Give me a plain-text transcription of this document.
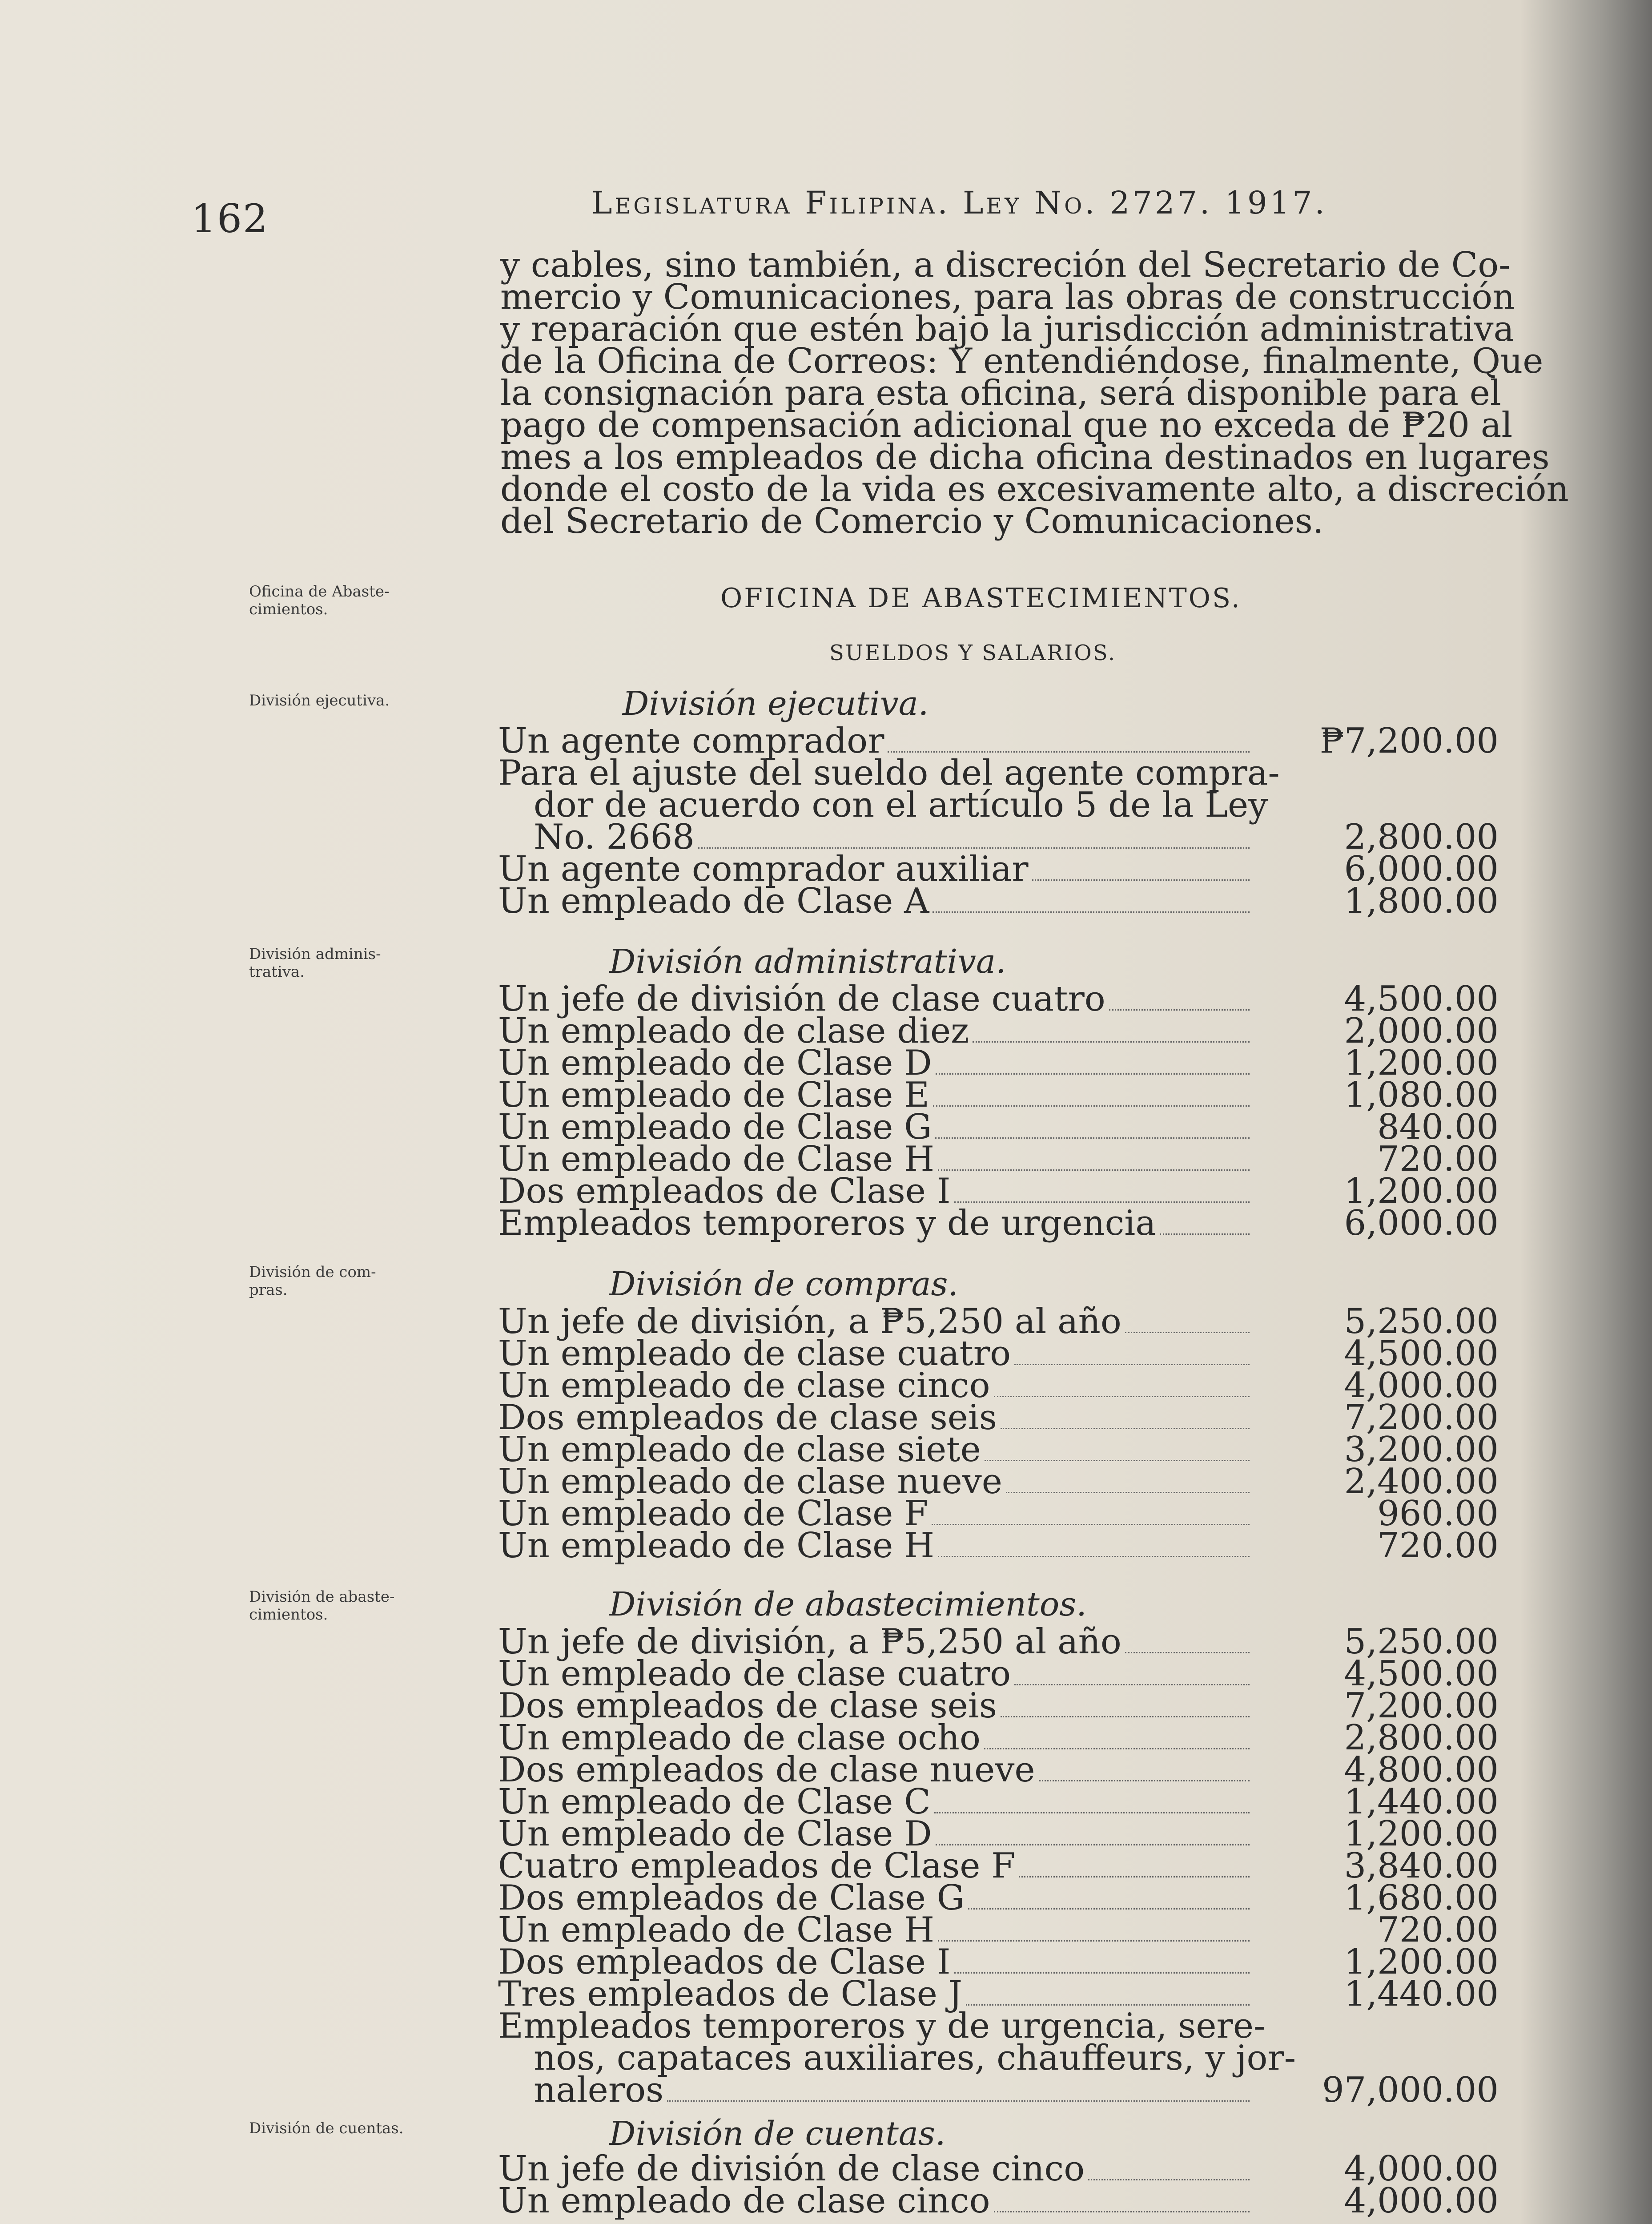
162	Legislatura Filipina. Ley No. 2727. 1917.
y cables, sino también, a discreción del Secretario de Co-
mercio y Comunicaciones, para las obras de construcción
y reparación que estén bajo la jurisdicción administrativa
de la Oficina de Correos: Y entendiéndose, finalmente, Que
la consignación para esta oficina, será disponible para el
pago de compensación adicional que no exceda de ₱20 al
mes a los empleados de dicha oficina destinados en lugares
donde el costo de la vida es excesivamente alto, a discreción
del Secretario de Comercio y Comunicaciones.
Oficina de Abaste-
cimientos.
División ejecutiva.
División adminis-
trativa.
División de com-
pras.
División de abaste-
cimientos.
División de cuentas.
OFICINA DE ABASTECIMIENTOS.
SUELDOS Y SALARIOS.
División ejecutiva.
Un agente comprador	₱7,200.00
Para el ajuste del sueldo del agente compra-
dor de acuerdo con el artículo 5 de la Ley
No. 2668	2,800.00
Un agente comprador auxiliar	6,000.00
Un empleado de Clase A	1,800.00
División administrativa.
Un jefe de división de clase cuatro	4,500.00
Un empleado de clase diez	2,000.00
Un empleado de Clase D	1,200.00
Un empleado de Clase E	1,080.00
Un empleado de Clase G	840.00
Un empleado de Clase H	720.00
Dos empleados de Clase I	1,200.00
Empleados temporeros y de urgencia	6,000.00
División de compras.
Un jefe de división, a ₱5,250 al año	5,250.00
Un empleado de clase cuatro	4,500.00
Un empleado de clase cinco	4,000.00
Dos empleados de clase seis	7,200.00
Un empleado de clase siete	3,200.00
Un empleado de clase nueve	2,400.00
Un empleado de Clase F	960.00
Un empleado de Clase H	720.00
División de abastecimientos.
Un jefe de división, a ₱5,250 al año	5,250.00
Un empleado de clase cuatro	4,500.00
Dos empleados de clase seis	7,200.00
Un empleado de clase ocho	2,800.00
Dos empleados de clase nueve	4,800.00
Un empleado de Clase C	1,440.00
Un empleado de Clase D	1,200.00
Cuatro empleados de Clase F	3,840.00
Dos empleados de Clase G	1,680.00
Un empleado de Clase H	720.00
Dos empleados de Clase I	1,200.00
Tres empleados de Clase J	1,440.00
Empleados temporeros y de urgencia, sere-
nos, capataces auxiliares, chauffeurs, y jor-
naleros	97,000.00
División de cuentas.
Un jefe de división de clase cinco	4,000.00
Un empleado de clase cinco	4,000.00
